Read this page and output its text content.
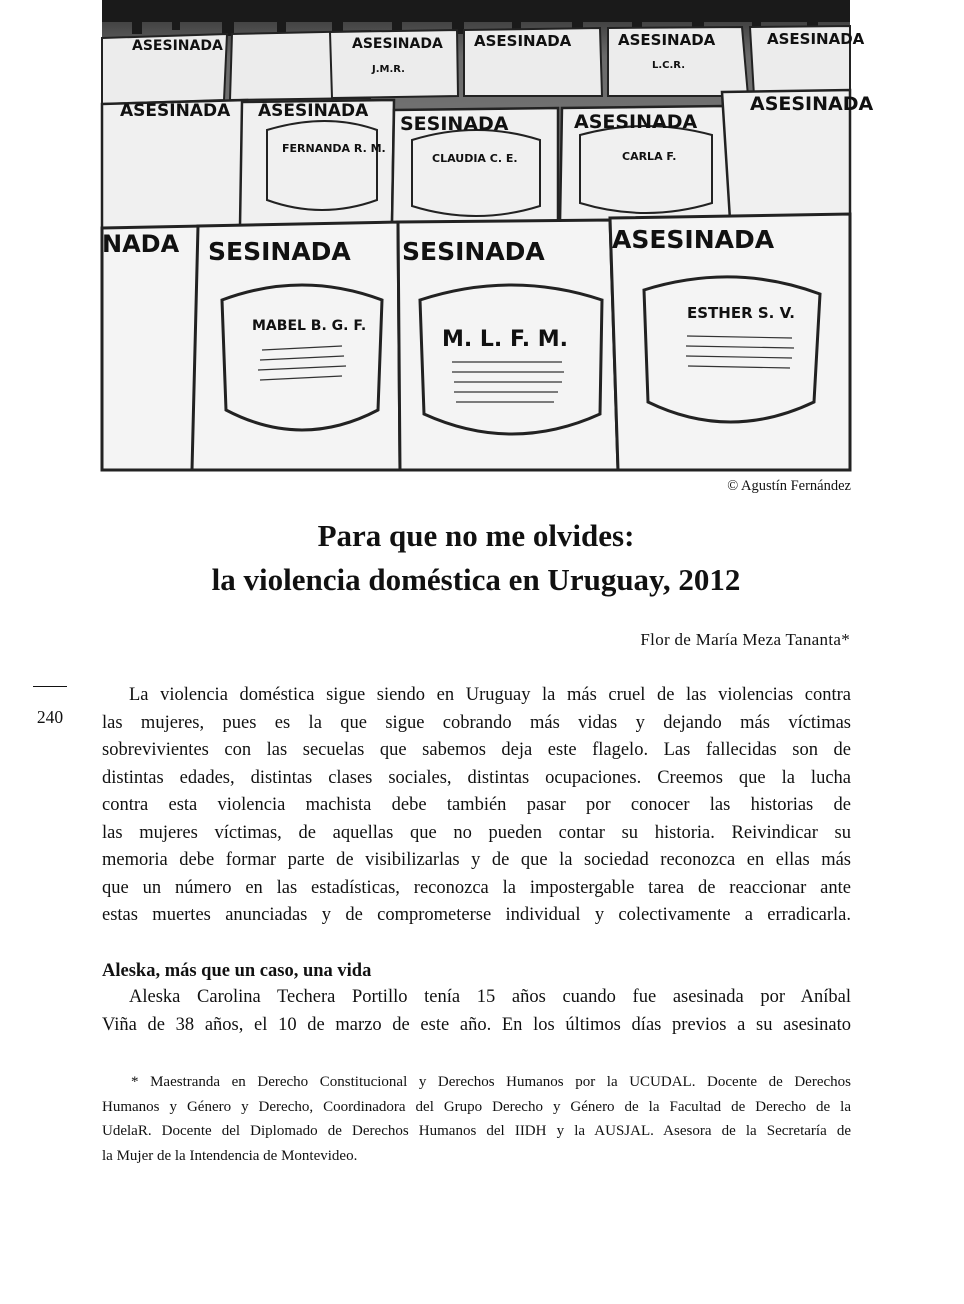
ASESINADA	ASESINADA ASESINADA	ASESINADA	ASESINADA
J.M.R.	L.C.R.
ASESINADA ASESINADA
SESINADA	ASESINADA
ASESINADA
FERNANDA R. M.
CLAUDIA C. E.	CARLA F.
NADA SESINADA SESINADA	ASESINADA
MABEL B. G. F.
M. L. F. M.
ESTHER S. V.
© Agustín Fernández
Para que no me olvides:
la violencia doméstica en Uruguay, 2012
Flor de María Meza Tananta*
240
La violencia doméstica sigue siendo en Uruguay la más cruel de las violencias contra
las mujeres, pues es la que sigue cobrando más vidas y dejando más víctimas
sobrevivientes con las secuelas que sabemos deja este flagelo. Las fallecidas son de
distintas edades, distintas clases sociales, distintas ocupaciones. Creemos que la lucha
contra esta violencia machista debe también pasar por conocer las historias de
las mujeres víctimas, de aquellas que no pueden contar su historia. Reivindicar su
memoria debe formar parte de visibilizarlas y de que la sociedad reconozca en ellas más
que un número en las estadísticas, reconozca la impostergable tarea de reaccionar ante
estas muertes anunciadas y de comprometerse individual y colectivamente a erradicarla.
Aleska, más que un caso, una vida
Aleska Carolina Techera Portillo tenía 15 años cuando fue asesinada por Aníbal
Viña de 38 años, el 10 de marzo de este año. En los últimos días previos a su asesinato
* Maestranda en Derecho Constitucional y Derechos Humanos por la UCUDAL. Docente de Derechos
Humanos y Género y Derecho, Coordinadora del Grupo Derecho y Género de la Facultad de Derecho de la
UdelaR. Docente del Diplomado de Derechos Humanos del IIDH y la AUSJAL. Asesora de la Secretaría de
la Mujer de la Intendencia de Montevideo.
